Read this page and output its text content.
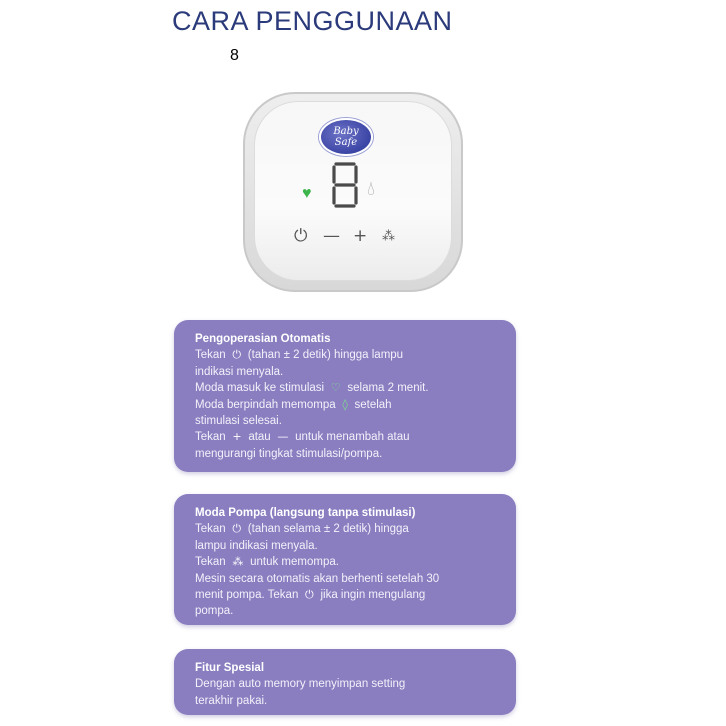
CARA PENGGUNAAN
Baby
Safe
♥
8
💧︎
⏻ — + ⁂
Pengoperasian Otomatis
Tekan  ⏻  (tahan ± 2 detik) hingga lampu
indikasi menyala.
Moda masuk ke stimulasi  ♡  selama 2 menit.
Moda berpindah memompa  ◊  setelah
stimulasi selesai.
Tekan  +  atau  —  untuk menambah atau
mengurangi tingkat stimulasi/pompa.
Moda Pompa (langsung tanpa stimulasi)
Tekan  ⏻  (tahan selama ± 2 detik) hingga
lampu indikasi menyala.
Tekan  ⁂  untuk memompa.
Mesin secara otomatis akan berhenti setelah 30
menit pompa. Tekan  ⏻  jika ingin mengulang
pompa.
Fitur Spesial
Dengan auto memory menyimpan setting
terakhir pakai.
